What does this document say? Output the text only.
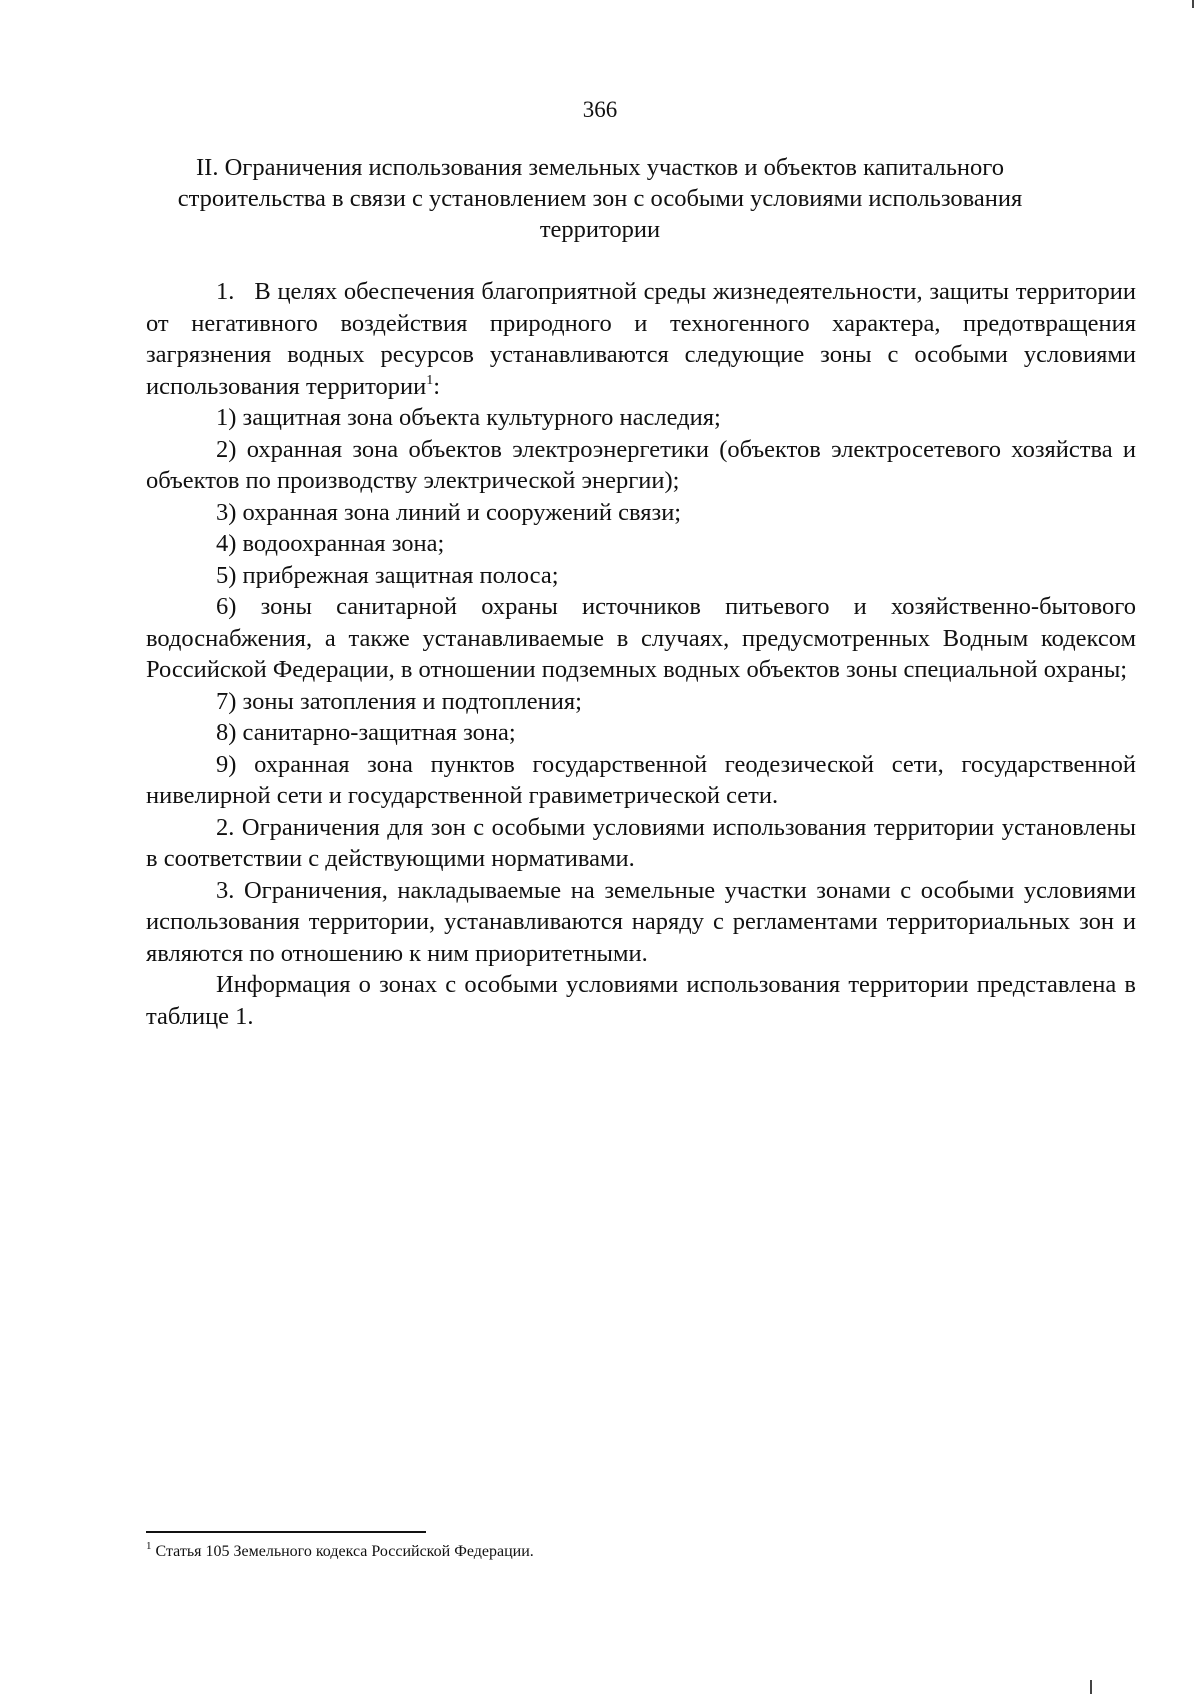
366
II. Ограничения использования земельных участков и объектов капитального строительства в связи с установлением зон с особыми условиями использования территории

1.   В целях обеспечения благоприятной среды жизнедеятельности, защиты территории от негативного воздействия природного и техногенного характера, предотвращения загрязнения водных ресурсов устанавливаются следующие зоны с особыми условиями использования территории$^1$:

1) защитная зона объекта культурного наследия;

2) охранная зона объектов электроэнергетики (объектов электросетевого хозяйства и объектов по производству электрической энергии);

3) охранная зона линий и сооружений связи;

4) водоохранная зона;

5) прибрежная защитная полоса;

6) зоны санитарной охраны источников питьевого и хозяйственно-бытового водоснабжения, а также устанавливаемые в случаях, предусмотренных Водным кодексом Российской Федерации, в отношении подземных водных объектов зоны специальной охраны;

7) зоны затопления и подтопления;

8) санитарно-защитная зона;

9) охранная зона пунктов государственной геодезической сети, государственной нивелирной сети и государственной гравиметрической сети.

2. Ограничения для зон с особыми условиями использования территории установлены в соответствии с действующими нормативами.

3. Ограничения, накладываемые на земельные участки зонами с особыми условиями использования территории, устанавливаются наряду с регламентами территориальных зон и являются по отношению к ним приоритетными.

Информация о зонах с особыми условиями использования территории представлена в таблице 1.

$^1$ Статья 105 Земельного кодекса Российской Федерации.
